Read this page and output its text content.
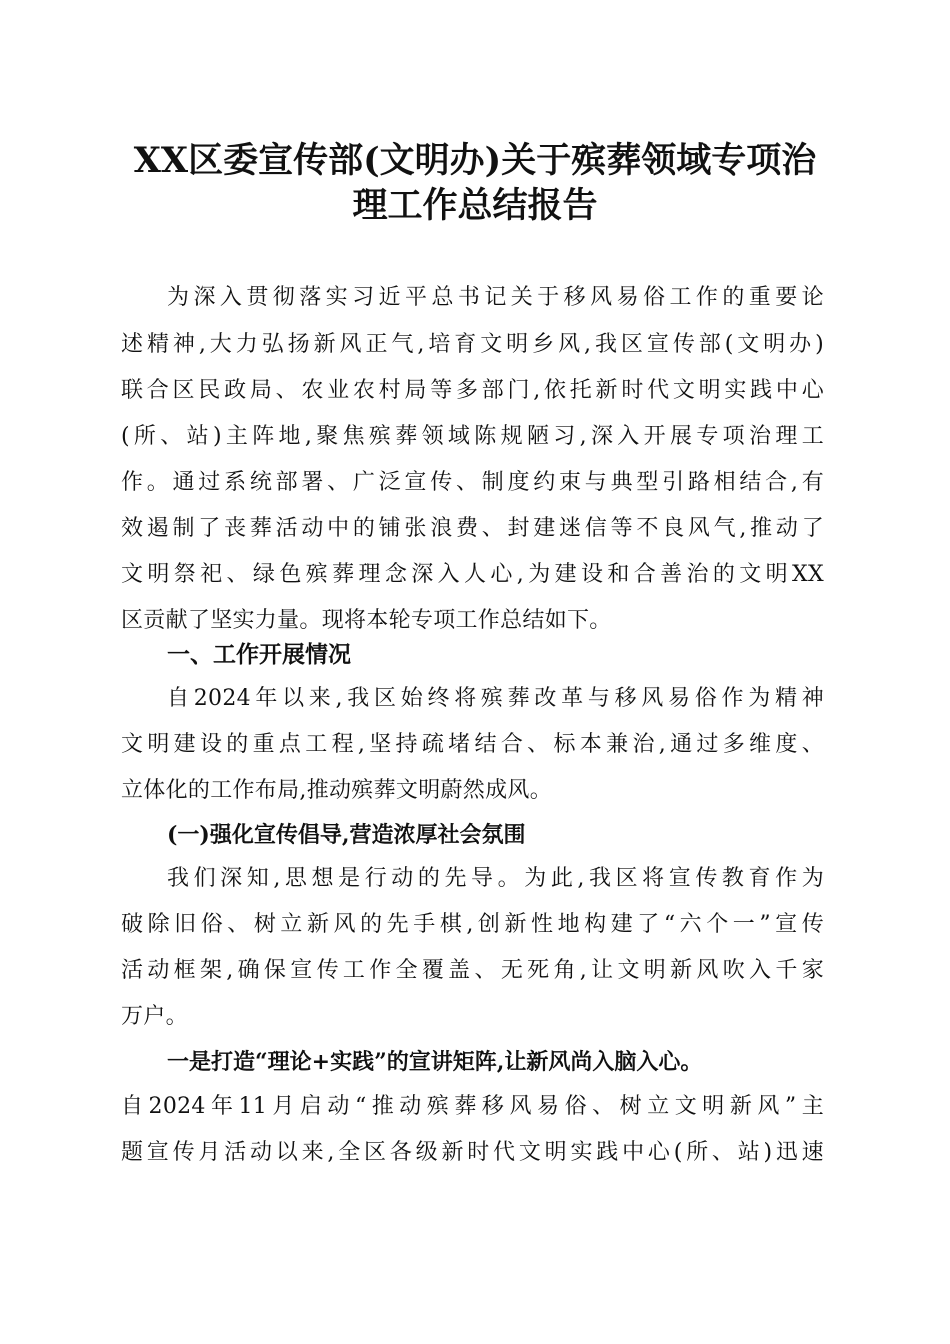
XX区委宣传部(文明办)关于殡葬领域专项治
理工作总结报告
为深入贯彻落实习近平总书记关于移风易俗工作的重要论
述精神,大力弘扬新风正气,培育文明乡风,我区宣传部(文明办)
联合区民政局、农业农村局等多部门,依托新时代文明实践中心
(所、站)主阵地,聚焦殡葬领域陈规陋习,深入开展专项治理工
作。通过系统部署、广泛宣传、制度约束与典型引路相结合,有
效遏制了丧葬活动中的铺张浪费、封建迷信等不良风气,推动了
文明祭祀、绿色殡葬理念深入人心,为建设和合善治的文明XX
区贡献了坚实力量。现将本轮专项工作总结如下。
一、工作开展情况
自2024年以来,我区始终将殡葬改革与移风易俗作为精神
文明建设的重点工程,坚持疏堵结合、标本兼治,通过多维度、
立体化的工作布局,推动殡葬文明蔚然成风。
(一)强化宣传倡导,营造浓厚社会氛围
我们深知,思想是行动的先导。为此,我区将宣传教育作为
破除旧俗、树立新风的先手棋,创新性地构建了“六个一”宣传
活动框架,确保宣传工作全覆盖、无死角,让文明新风吹入千家
万户。
一是打造“理论+实践”的宣讲矩阵,让新风尚入脑入心。
自2024年11月启动“推动殡葬移风易俗、树立文明新风”主
题宣传月活动以来,全区各级新时代文明实践中心(所、站)迅速
